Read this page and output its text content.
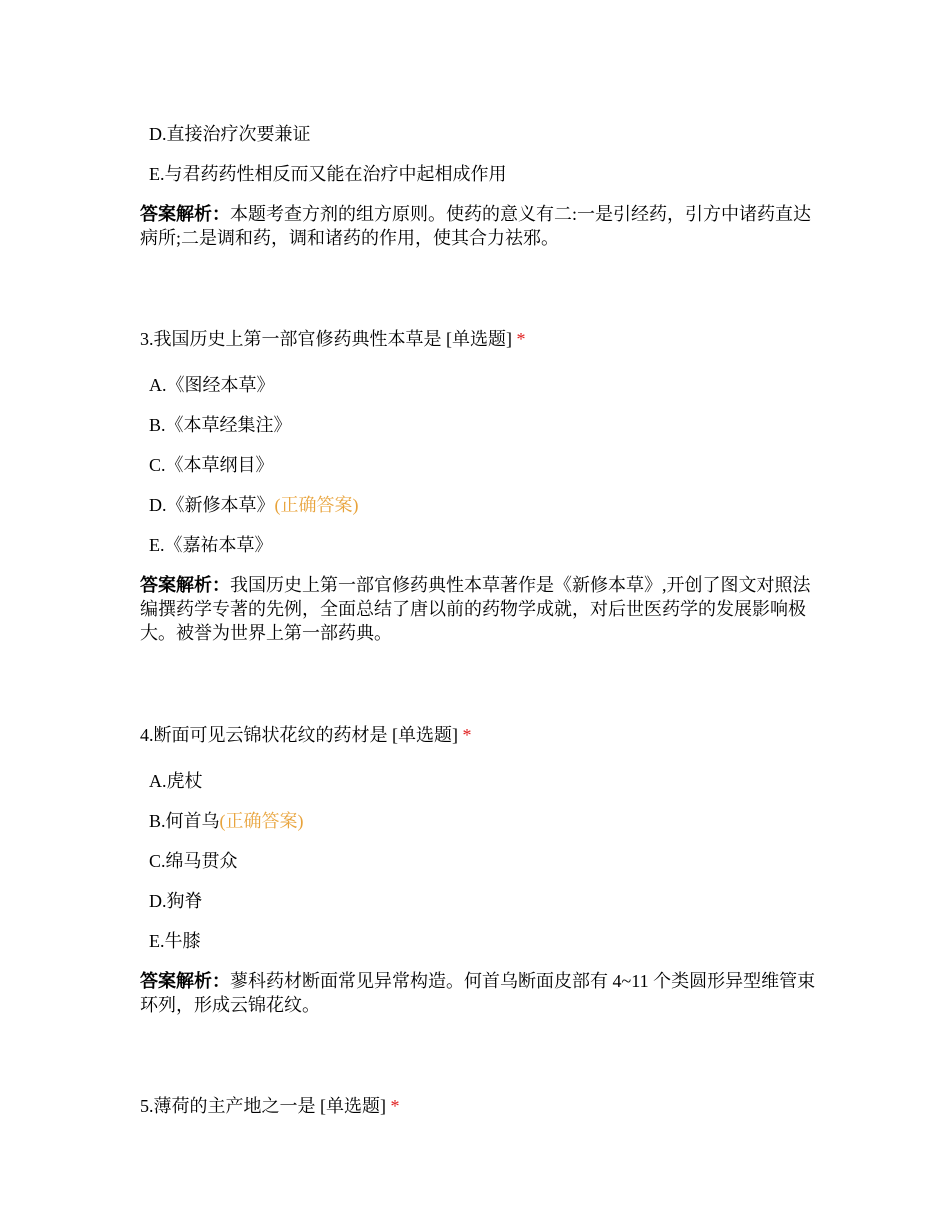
D.直接治疗次要兼证
E.与君药药性相反而又能在治疗中起相成作用
答案解析：本题考查方剂的组方原则。使药的意义有二:一是引经药，引方中诸药直达病所;二是调和药，调和诸药的作用，使其合力祛邪。
3.我国历史上第一部官修药典性本草是 [单选题] *
A.《图经本草》
B.《本草经集注》
C.《本草纲目》
D.《新修本草》(正确答案)
E.《嘉祐本草》
答案解析：我国历史上第一部官修药典性本草著作是《新修本草》,开创了图文对照法编撰药学专著的先例，全面总结了唐以前的药物学成就，对后世医药学的发展影响极大。被誉为世界上第一部药典。
4.断面可见云锦状花纹的药材是 [单选题] *
A.虎杖
B.何首乌(正确答案)
C.绵马贯众
D.狗脊
E.牛膝
答案解析：蓼科药材断面常见异常构造。何首乌断面皮部有 4~11 个类圆形异型维管束环列，形成云锦花纹。
5.薄荷的主产地之一是 [单选题] *
